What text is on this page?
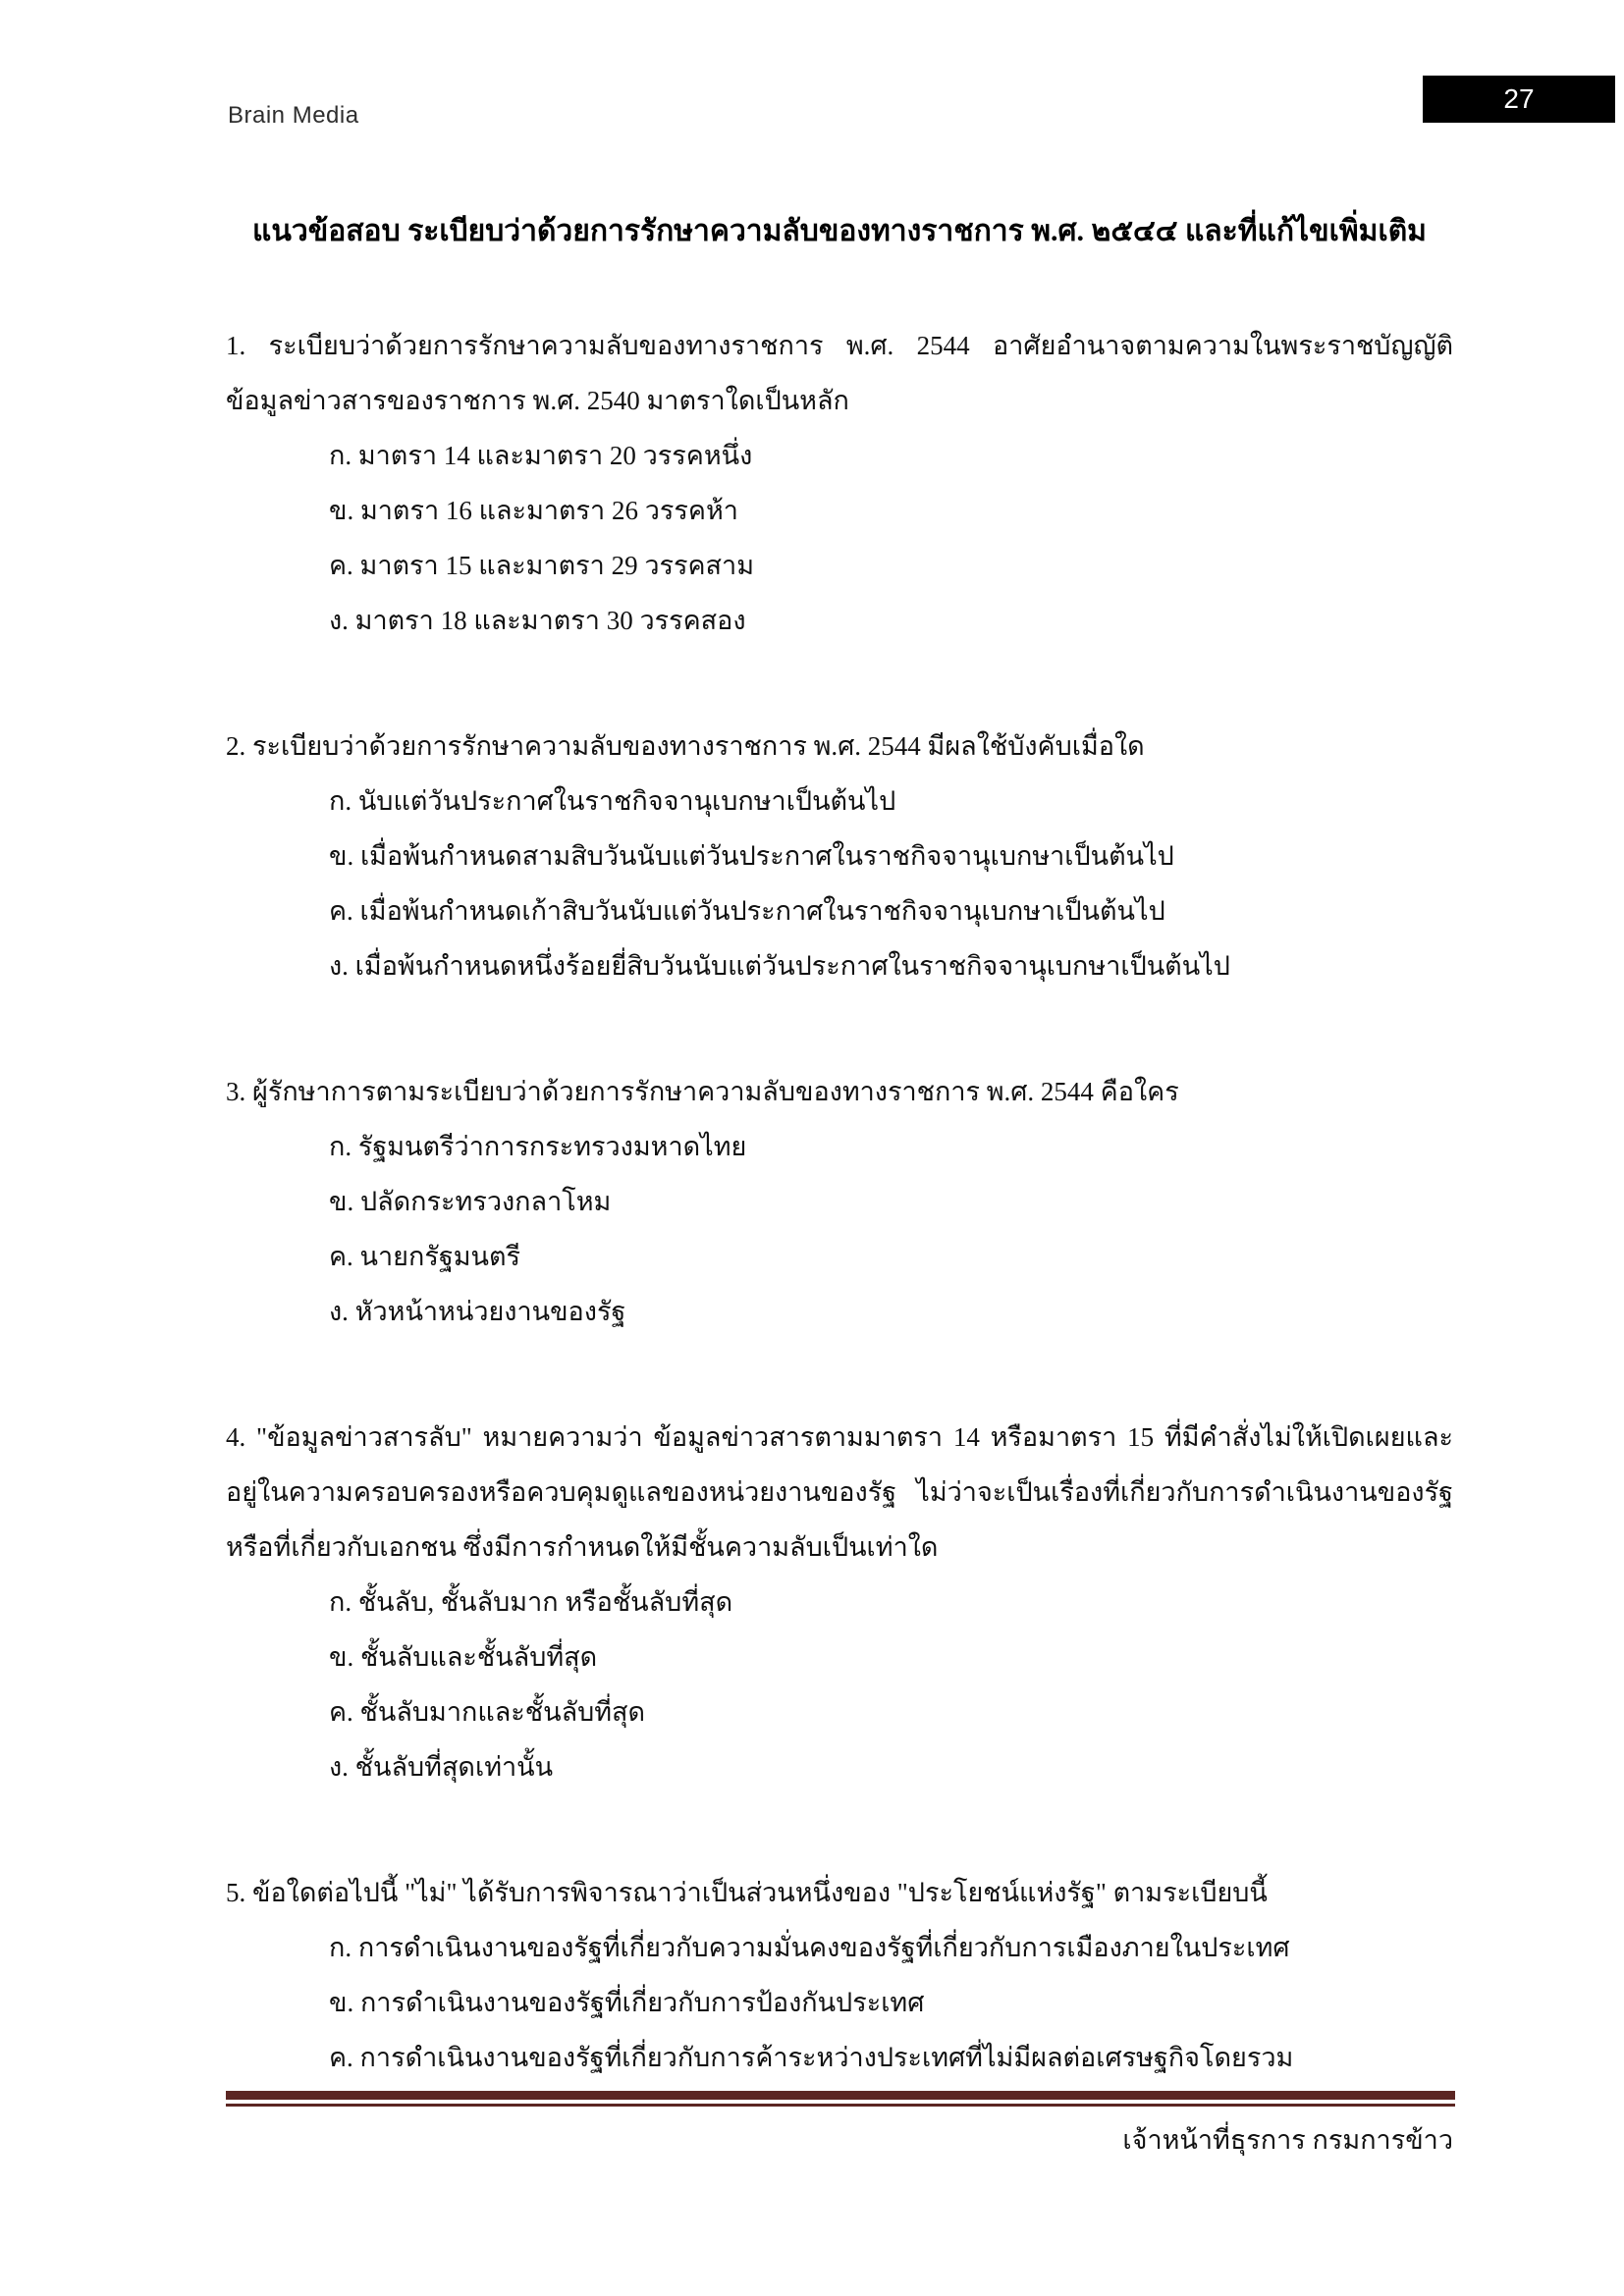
Brain Media
27
แนวข้อสอบ ระเบียบว่าด้วยการรักษาความลับของทางราชการ พ.ศ. ๒๕๔๔ และที่แก้ไขเพิ่มเติม

1. ระเบียบว่าด้วยการรักษาความลับของทางราชการ พ.ศ. 2544 อาศัยอำนาจตามความในพระราชบัญญัติข้อมูลข่าวสารของราชการ พ.ศ. 2540 มาตราใดเป็นหลัก

ก. มาตรา 14 และมาตรา 20 วรรคหนึ่ง

ข. มาตรา 16 และมาตรา 26 วรรคห้า

ค. มาตรา 15 และมาตรา 29 วรรคสาม

ง. มาตรา 18 และมาตรา 30 วรรคสอง

2. ระเบียบว่าด้วยการรักษาความลับของทางราชการ พ.ศ. 2544 มีผลใช้บังคับเมื่อใด

ก. นับแต่วันประกาศในราชกิจจานุเบกษาเป็นต้นไป

ข. เมื่อพ้นกำหนดสามสิบวันนับแต่วันประกาศในราชกิจจานุเบกษาเป็นต้นไป

ค. เมื่อพ้นกำหนดเก้าสิบวันนับแต่วันประกาศในราชกิจจานุเบกษาเป็นต้นไป

ง. เมื่อพ้นกำหนดหนึ่งร้อยยี่สิบวันนับแต่วันประกาศในราชกิจจานุเบกษาเป็นต้นไป

3. ผู้รักษาการตามระเบียบว่าด้วยการรักษาความลับของทางราชการ พ.ศ. 2544 คือใคร

ก. รัฐมนตรีว่าการกระทรวงมหาดไทย

ข. ปลัดกระทรวงกลาโหม

ค. นายกรัฐมนตรี

ง. หัวหน้าหน่วยงานของรัฐ

4. "ข้อมูลข่าวสารลับ" หมายความว่า ข้อมูลข่าวสารตามมาตรา 14 หรือมาตรา 15 ที่มีคำสั่งไม่ให้เปิดเผยและอยู่ในความครอบครองหรือควบคุมดูแลของหน่วยงานของรัฐ ไม่ว่าจะเป็นเรื่องที่เกี่ยวกับการดำเนินงานของรัฐหรือที่เกี่ยวกับเอกชน ซึ่งมีการกำหนดให้มีชั้นความลับเป็นเท่าใด

ก. ชั้นลับ, ชั้นลับมาก หรือชั้นลับที่สุด

ข. ชั้นลับและชั้นลับที่สุด

ค. ชั้นลับมากและชั้นลับที่สุด

ง. ชั้นลับที่สุดเท่านั้น

5. ข้อใดต่อไปนี้ "ไม่" ได้รับการพิจารณาว่าเป็นส่วนหนึ่งของ "ประโยชน์แห่งรัฐ" ตามระเบียบนี้

ก. การดำเนินงานของรัฐที่เกี่ยวกับความมั่นคงของรัฐที่เกี่ยวกับการเมืองภายในประเทศ

ข. การดำเนินงานของรัฐที่เกี่ยวกับการป้องกันประเทศ

ค. การดำเนินงานของรัฐที่เกี่ยวกับการค้าระหว่างประเทศที่ไม่มีผลต่อเศรษฐกิจโดยรวม

เจ้าหน้าที่ธุรการ กรมการข้าว
